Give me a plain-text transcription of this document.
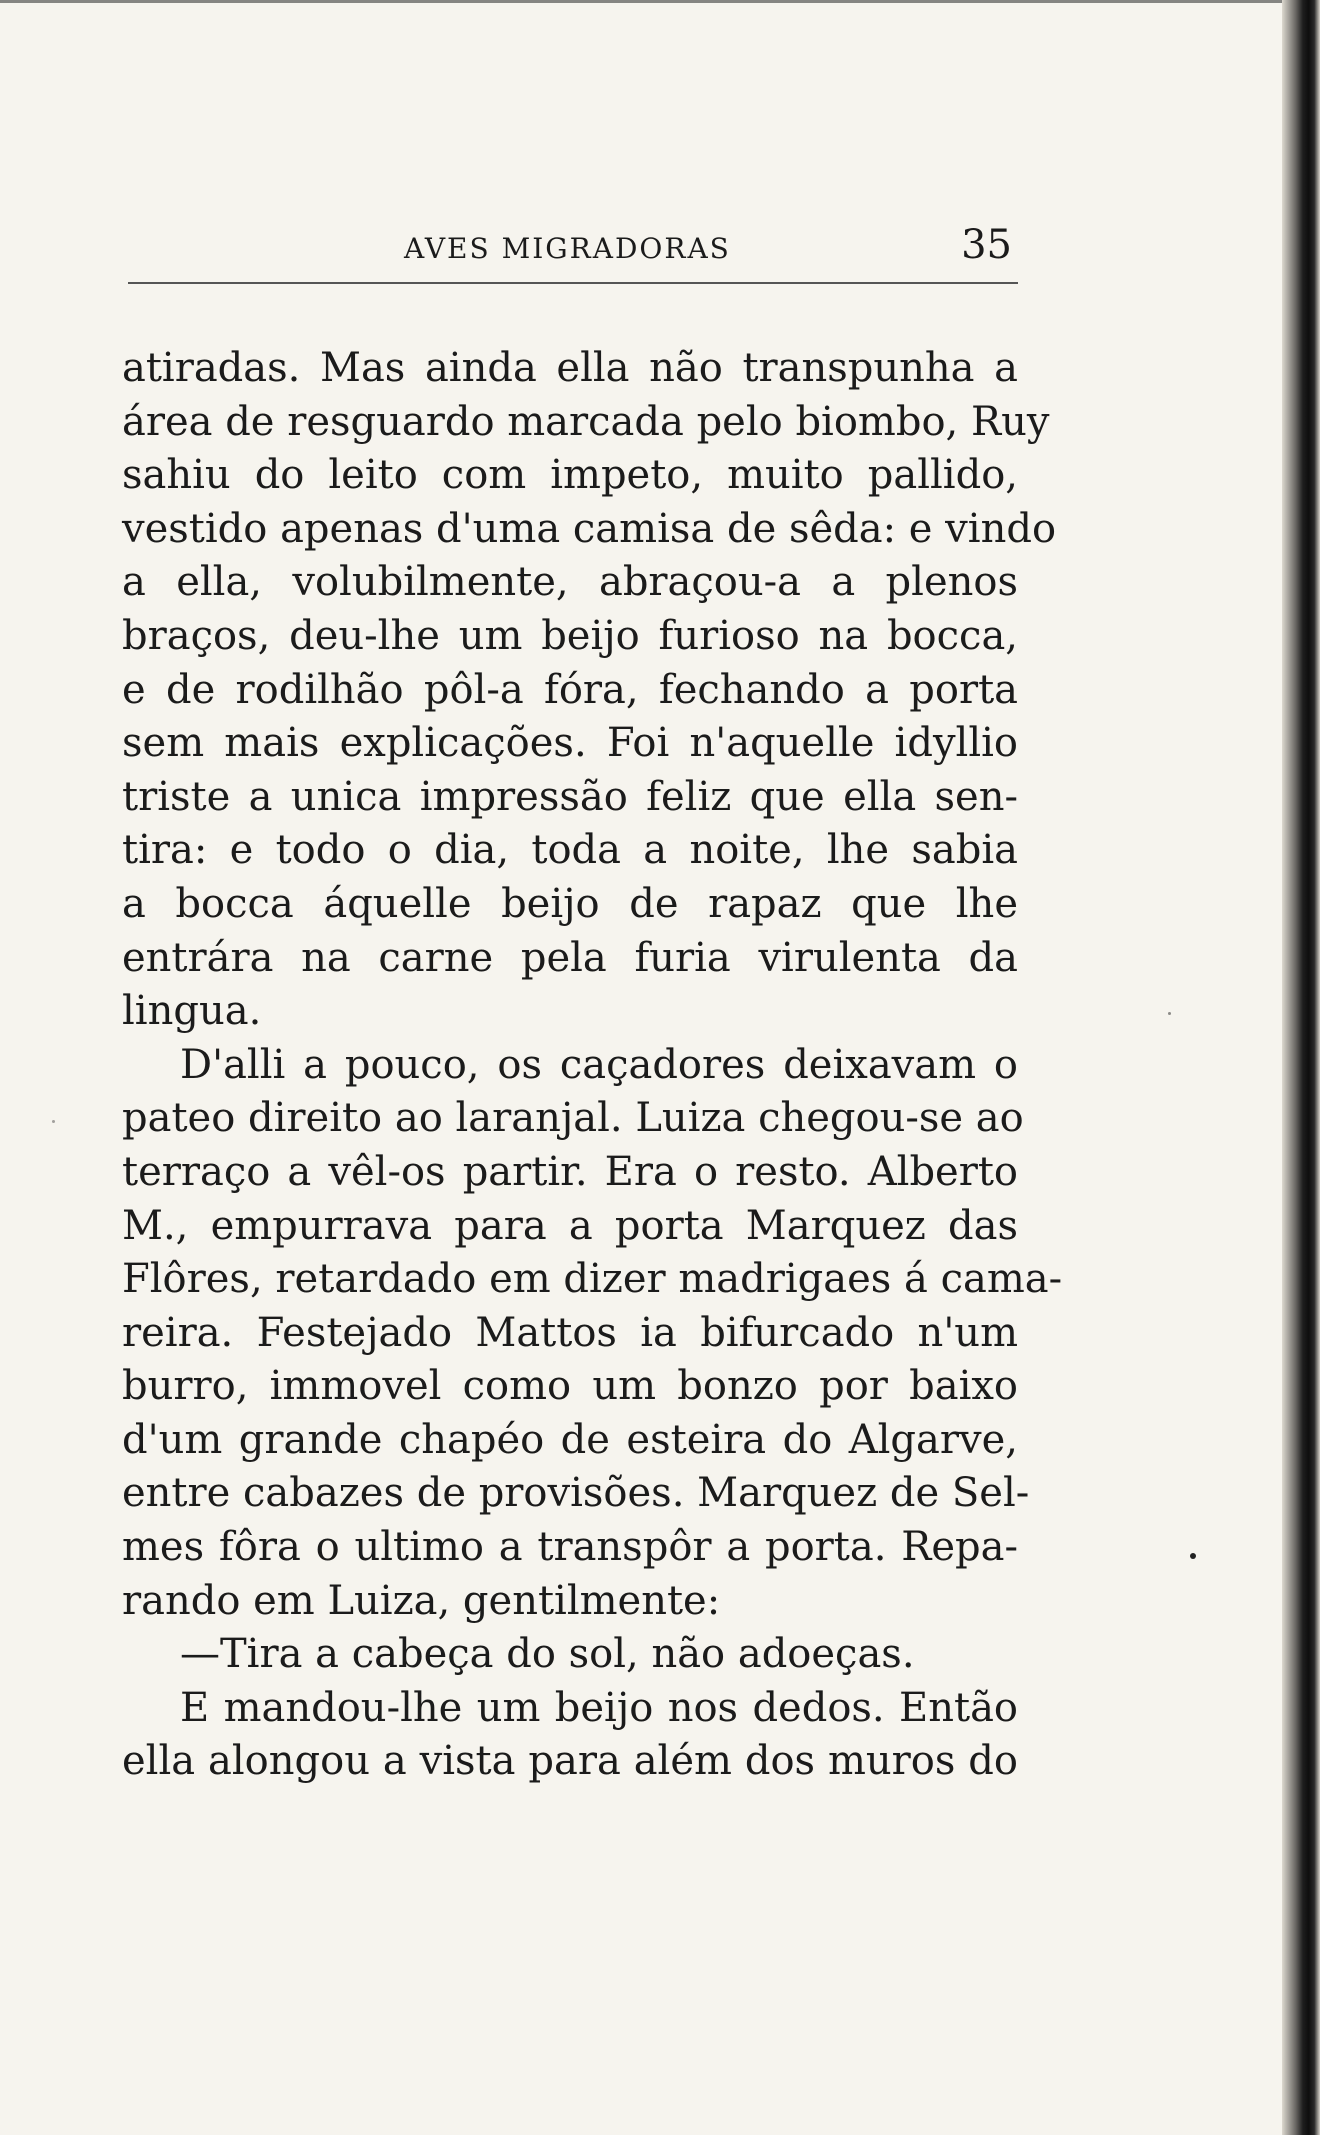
AVES MIGRADORAS	35
atiradas. Mas ainda ella não transpunha a
área de resguardo marcada pelo biombo, Ruy
sahiu do leito com impeto, muito pallido,
vestido apenas d'uma camisa de sêda: e vindo
a ella, volubilmente, abraçou-a a plenos
braços, deu-lhe um beijo furioso na bocca,
e de rodilhão pôl-a fóra, fechando a porta
sem mais explicações. Foi n'aquelle idyllio
triste a unica impressão feliz que ella sen-
tira: e todo o dia, toda a noite, lhe sabia
a bocca áquelle beijo de rapaz que lhe
entrára na carne pela furia virulenta da
lingua.
D'alli a pouco, os caçadores deixavam o
pateo direito ao laranjal. Luiza chegou-se ao
terraço a vêl-os partir. Era o resto. Alberto
M., empurrava para a porta Marquez das
Flôres, retardado em dizer madrigaes á cama-
reira. Festejado Mattos ia bifurcado n'um
burro, immovel como um bonzo por baixo
d'um grande chapéo de esteira do Algarve,
entre cabazes de provisões. Marquez de Sel-
mes fôra o ultimo a transpôr a porta. Repa-
rando em Luiza, gentilmente:
—Tira a cabeça do sol, não adoeças.
E mandou-lhe um beijo nos dedos. Então
ella alongou a vista para além dos muros do
